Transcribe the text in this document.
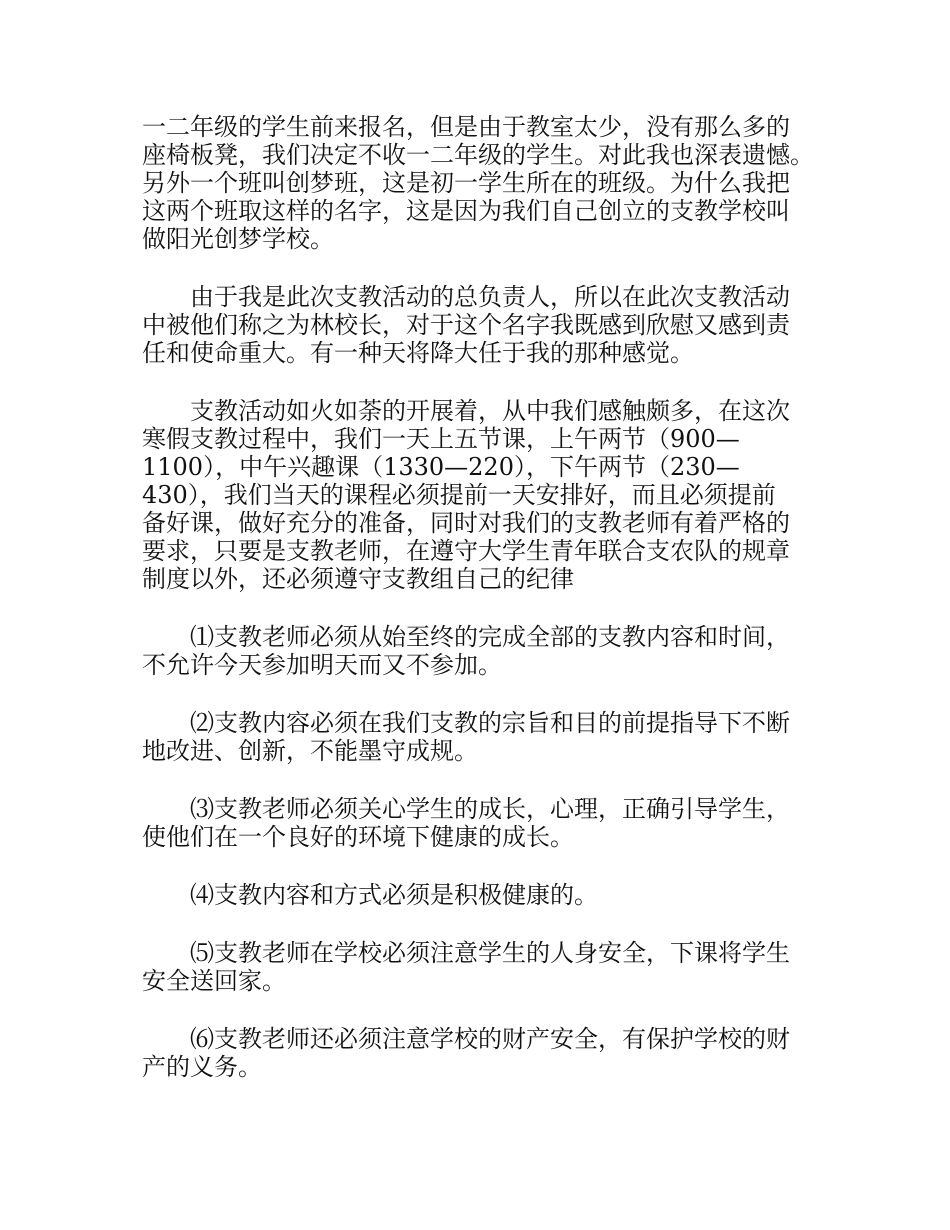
一二年级的学生前来报名，但是由于教室太少，没有那么多的
座椅板凳，我们决定不收一二年级的学生。对此我也深表遗憾。
另外一个班叫创梦班，这是初一学生所在的班级。为什么我把
这两个班取这样的名字，这是因为我们自己创立的支教学校叫
做阳光创梦学校。

由于我是此次支教活动的总负责人，所以在此次支教活动
中被他们称之为林校长，对于这个名字我既感到欣慰又感到责
任和使命重大。有一种天将降大任于我的那种感觉。

支教活动如火如荼的开展着，从中我们感触颇多，在这次
寒假支教过程中，我们一天上五节课，上午两节（900—
1100），中午兴趣课（1330—220），下午两节（230—
430），我们当天的课程必须提前一天安排好，而且必须提前
备好课，做好充分的准备，同时对我们的支教老师有着严格的
要求，只要是支教老师，在遵守大学生青年联合支农队的规章
制度以外，还必须遵守支教组自己的纪律

⑴支教老师必须从始至终的完成全部的支教内容和时间，
不允许今天参加明天而又不参加。

⑵支教内容必须在我们支教的宗旨和目的前提指导下不断
地改进、创新，不能墨守成规。

⑶支教老师必须关心学生的成长，心理，正确引导学生，
使他们在一个良好的环境下健康的成长。

⑷支教内容和方式必须是积极健康的。

⑸支教老师在学校必须注意学生的人身安全，下课将学生
安全送回家。

⑹支教老师还必须注意学校的财产安全，有保护学校的财
产的义务。
